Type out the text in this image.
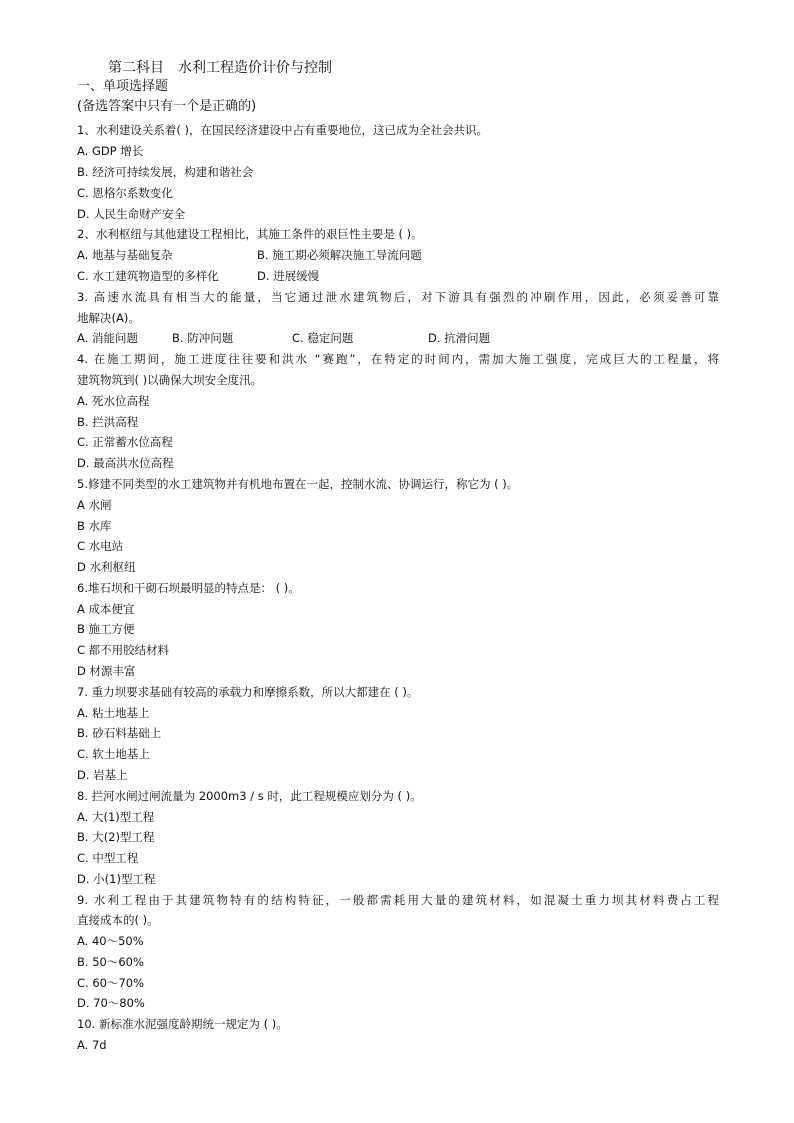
第二科目 水利工程造价计价与控制
一、单项选择题
(备选答案中只有一个是正确的)
1、水利建设关系着( )，在国民经济建设中占有重要地位，这已成为全社会共识。
A. GDP 增长
B. 经济可持续发展，构建和谐社会
C. 恩格尔系数变化
D. 人民生命财产安全
2、水利枢纽与其他建设工程相比，其施工条件的艰巨性主要是 ( )。
A. 地基与基础复杂	B. 施工期必须解决施工导流问题
C. 水工建筑物造型的多样化	D. 进展缓慢
3. 高速水流具有相当大的能量，当它通过泄水建筑物后，对下游具有强烈的冲刷作用，因此，必须妥善可靠
地解决(A)。
A. 消能问题	B. 防冲问题	C. 稳定问题	D. 抗滑问题
4. 在施工期间，施工进度往往要和洪水 “赛跑”，在特定的时间内，需加大施工强度，完成巨大的工程量，将
建筑物筑到( )以确保大坝安全度汛。
A. 死水位高程
B. 拦洪高程
C. 正常蓄水位高程
D. 最高洪水位高程
5.修建不同类型的水工建筑物并有机地布置在一起，控制水流、协调运行，称它为 ( )。
A 水闸
B 水库
C 水电站
D 水利枢纽
6.堆石坝和干砌石坝最明显的特点是： ( )。
A 成本便宜
B 施工方便
C 都不用胶结材料
D 材源丰富
7. 重力坝要求基础有较高的承载力和摩擦系数，所以大都建在 ( )。
A. 粘土地基上
B. 砂石料基础上
C. 软土地基上
D. 岩基上
8. 拦河水闸过闸流量为 2000m3 / s 时，此工程规模应划分为 ( )。
A. 大(1)型工程
B. 大(2)型工程
C. 中型工程
D. 小(1)型工程
9. 水利工程由于其建筑物特有的结构特征，一般都需耗用大量的建筑材料，如混凝土重力坝其材料费占工程
直接成本的( )。
A. 40～50%
B. 50～60%
C. 60～70%
D. 70～80%
10. 新标准水泥强度龄期统一规定为 ( )。
A. 7d
